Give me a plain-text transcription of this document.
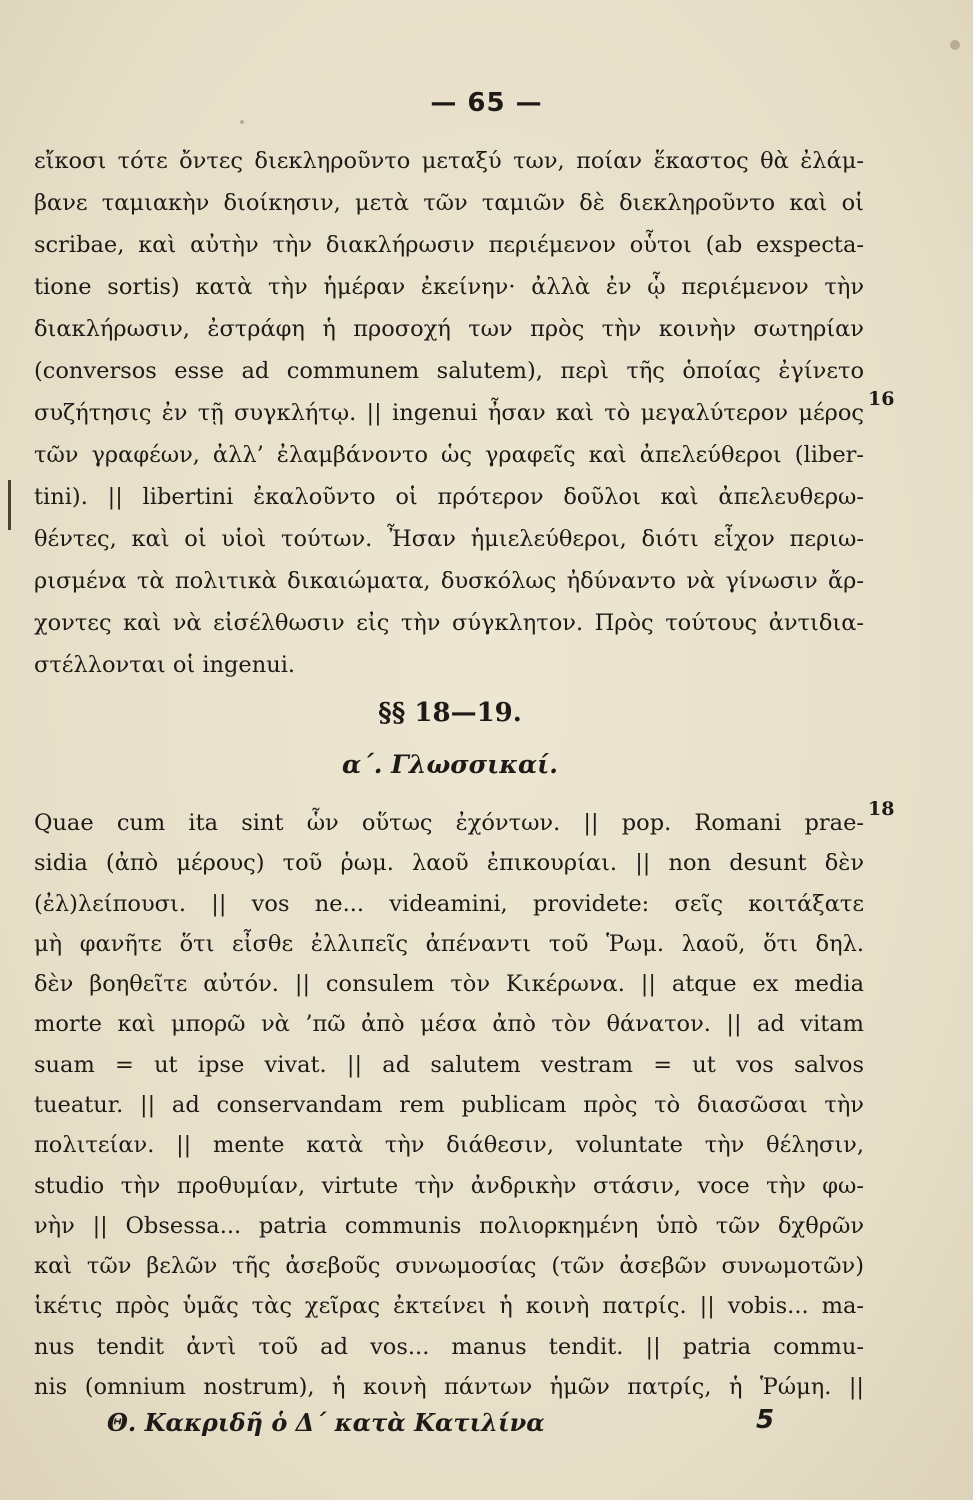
— 65 —
εἴκοσι τότε ὄντες διεκληροῦντο μεταξύ των, ποίαν ἕκαστος θὰ ἐλάμ-
βανε ταμιακὴν διοίκησιν, μετὰ τῶν ταμιῶν δὲ διεκληροῦντο καὶ οἱ
scribae, καὶ αὐτὴν τὴν διακλήρωσιν περιέμενον οὗτοι (ab exspecta-
tione sortis) κατὰ τὴν ἡμέραν ἐκείνην· ἀλλὰ ἐν ᾧ περιέμενον τὴν
διακλήρωσιν, ἐστράφη ἡ προσοχή των πρὸς τὴν κοινὴν σωτηρίαν
(conversos esse ad communem salutem), περὶ τῆς ὁποίας ἐγίνετο
συζήτησις ἐν τῇ συγκλήτῳ. || ingenui ἦσαν καὶ τὸ μεγαλύτερον μέρος
16
τῶν γραφέων, ἀλλ’ ἐλαμβάνοντο ὡς γραφεῖς καὶ ἀπελεύθεροι (liber-
tini). || libertini ἐκαλοῦντο οἱ πρότερον δοῦλοι καὶ ἀπελευθερω-
θέντες, καὶ οἱ υἱοὶ τούτων. Ἦσαν ἡμιελεύθεροι, διότι εἶχον περιω-
ρισμένα τὰ πολιτικὰ δικαιώματα, δυσκόλως ἠδύναντο νὰ γίνωσιν ἄρ-
χοντες καὶ νὰ εἰσέλθωσιν εἰς τὴν σύγκλητον. Πρὸς τούτους ἀντιδια-
στέλλονται οἱ ingenui.
§§ 18—19.
α΄. Γλωσσικαί.
Quae cum ita sint ὧν οὕτως ἐχόντων. || pop. Romani prae-
18
sidia (ἀπὸ μέρους) τοῦ ῥωμ. λαοῦ ἐπικουρίαι. || non desunt δὲν
(ἐλ)λείπουσι. || vos ne... videamini, providete: σεῖς κοιτάξατε
μὴ φανῆτε ὅτι εἶσθε ἐλλιπεῖς ἀπέναντι τοῦ Ῥωμ. λαοῦ, ὅτι δηλ.
δὲν βοηθεῖτε αὐτόν. || consulem τὸν Κικέρωνα. || atque ex media
morte καὶ μπορῶ νὰ ’πῶ ἀπὸ μέσα ἀπὸ τὸν θάνατον. || ad vitam
suam = ut ipse vivat. || ad salutem vestram = ut vos salvos
tueatur. || ad conservandam rem publicam πρὸς τὸ διασῶσαι τὴν
πολιτείαν. || mente κατὰ τὴν διάθεσιν, voluntate τὴν θέλησιν,
studio τὴν προθυμίαν, virtute τὴν ἀνδρικὴν στάσιν, voce τὴν φω-
νὴν || Obsessa... patria communis πολιορκημένη ὑπὸ τῶν δχθρῶν
καὶ τῶν βελῶν τῆς ἀσεβοῦς συνωμοσίας (τῶν ἀσεβῶν συνωμοτῶν)
ἱκέτις πρὸς ὑμᾶς τὰς χεῖρας ἐκτείνει ἡ κοινὴ πατρίς. || vobis... ma-
nus tendit ἀντὶ τοῦ ad vos... manus tendit. || patria commu-
nis (omnium nostrum), ἡ κοινὴ πάντων ἡμῶν πατρίς, ἡ Ῥώμη. ||
Θ. Κακριδῆ ὁ Δ΄ κατὰ Κατιλίνα	5
